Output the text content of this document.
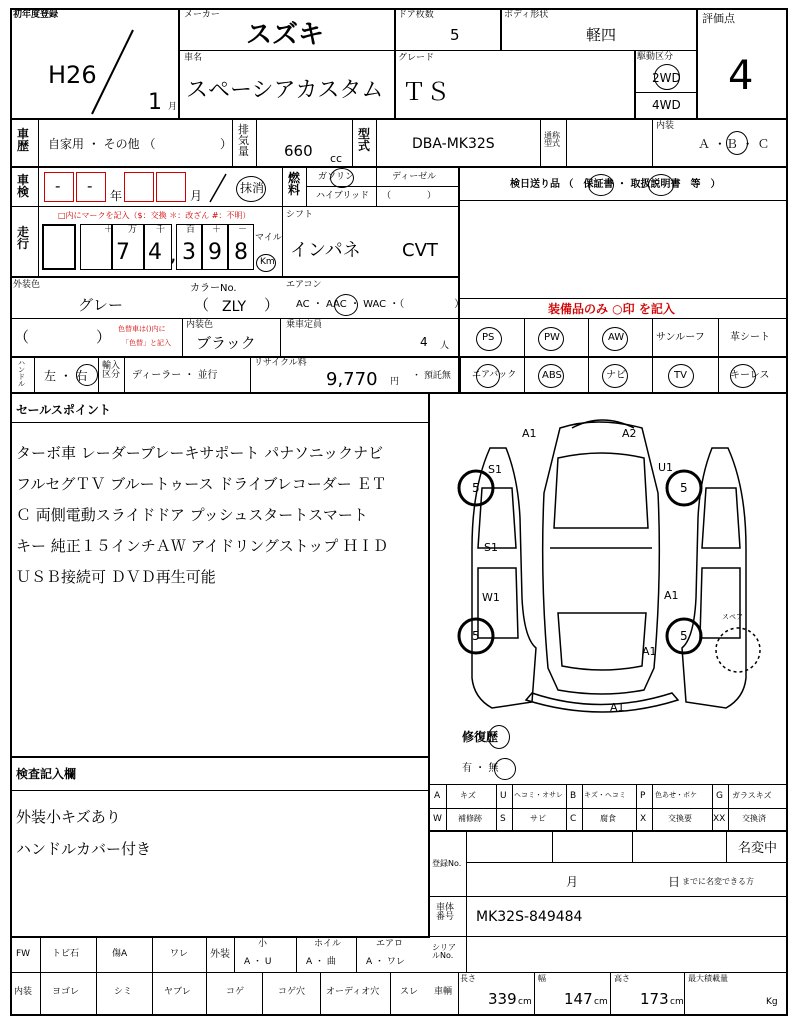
初年度登録
H26
1 月
メーカー
スズキ
ドア枚数
5
ボディ形状
軽四
評価点
4
車名
スペーシアカスタム
グレード
ＴＳ
駆動区分
2WD
4WD
車歴 自家用 ・ その他 （	）
排気量 660 cc
型式	DBA-MK32S
通称型式
内装
Ａ ・Ｂ ・ Ｃ
車検 - -
年	月
抹消
燃料
ガソリン	ディーゼル
ハイブリッド （　　　　）
検日送り品 （　保証書 ・ 取扱説明書　等　）
走行
□内にマークを記入（$：交換 ＊：改ざん #：不明）
＋ 万 千 百 ＋ －
7 4 , 3 9 8
マイル
Km
シフト
インパネ CVT
外装色
グレー
カラーNo.
（ ZLY ）
エアコン
AC ・ AAC ・ WAC ・（　　　　　）	装備品のみ ○印 を記入
（	） 色替車は()内に
「色替」と記入
内装色
ブラック
乗車定員
4 人
PS	PW	AW	サンルーフ	革シート
エアバック	ABS	ナビ	TV	キーレス
ハンドル
左 ・ 右
輸入区分	ディーラー ・ 並行
リサイクル料
9,770 円
・ 預託無
セールスポイント
ターボ車 レーダーブレーキサポート パナソニックナビ
フルセグＴＶ ブルートゥース ドライブレコーダー ＥＴ
Ｃ 両側電動スライドドア プッシュスタートスマート
キー 純正１５インチＡＷ アイドリングストップ ＨＩＤ
ＵＳＢ接続可 ＤＶＤ再生可能
A1	A2
S1	U1
S1
W1	A1
A1
A1
5	5
5	5
スペア
修復歴
有 ・ 無
検査記入欄
外装小キズあり
ハンドルカバー付き
A キズ	U ヘコミ・オサレ B キズ・ヘコミ P 色あせ・ボケ G ガラスキズ
W 補修跡 S	サビ	C	腐食	X	交換要 XX 交換済
登録No.
名変中
月	日 までに名変できる方
車体番号	MK32S-849484
FW トビ石	傷A	ワレ 外装
小
A ・ U
ホイル
A ・ 曲
エアロ
A ・ ワレ
シリアルNo.
内装 ヨゴレ	シミ	ヤブレ	コゲ	コゲ穴 オーディオ穴 スレ 車輌
長さ
339 cm
幅
147 cm
高さ
173 cm
最大積載量
Kg
